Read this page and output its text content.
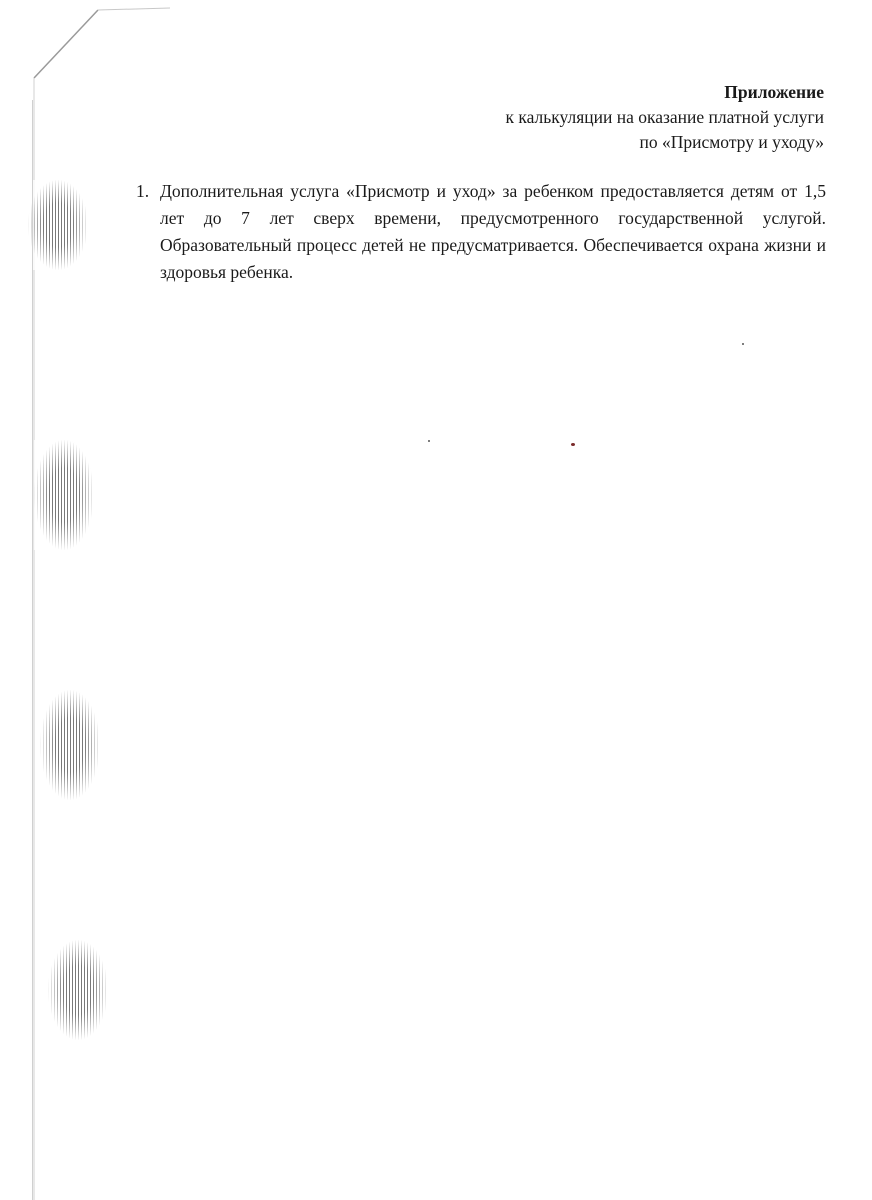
Приложение
к калькуляции на оказание платной услуги
по «Присмотру и уходу»
1. Дополнительная услуга «Присмотр и уход» за ребенком предоставляется детям от 1,5 лет до 7 лет сверх времени, предусмотренного государственной услугой. Образовательный процесс детей не предусматривается. Обеспечивается охрана жизни и здоровья ребенка.
